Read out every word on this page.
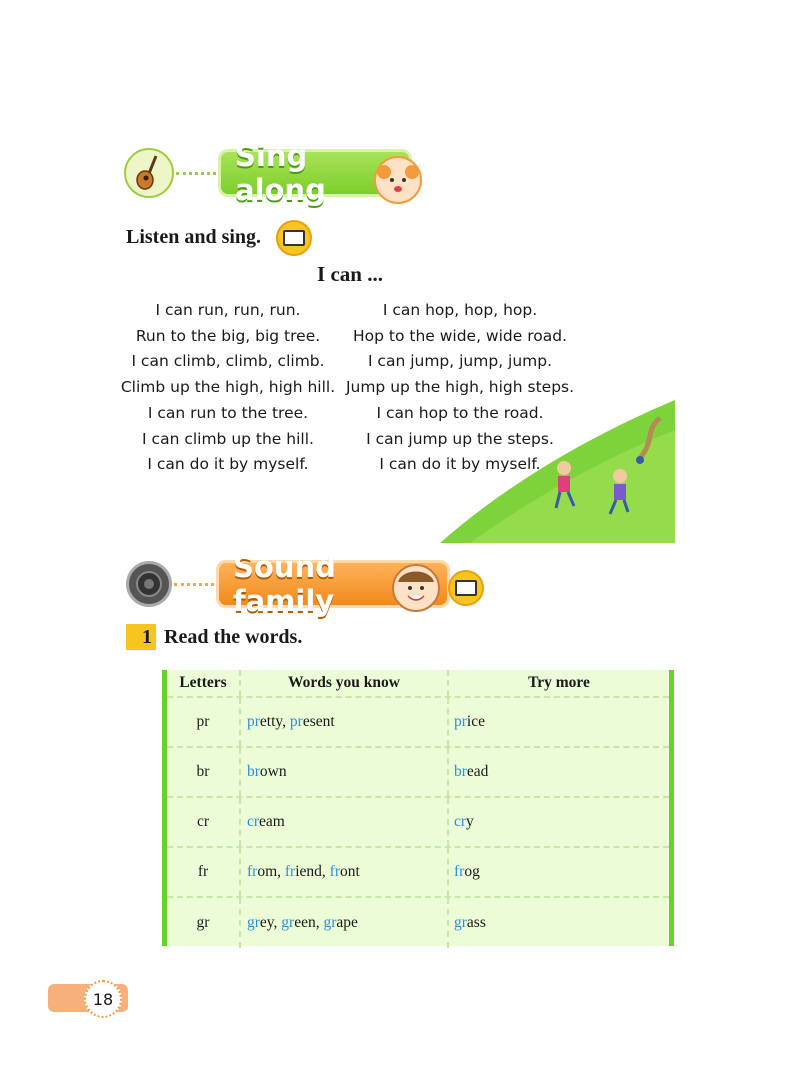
Sing along
Listen and sing.
I can ...
I can run, run, run.
Run to the big, big tree.
I can climb, climb, climb.
Climb up the high, high hill.
I can run to the tree.
I can climb up the hill.
I can do it by myself.
I can hop, hop, hop.
Hop to the wide, wide road.
I can jump, jump, jump.
Jump up the high, high steps.
I can hop to the road.
I can jump up the steps.
I can do it by myself.
Sound family
1 Read the words.
Letters	Words you know	Try more
pr	pretty, present	price
br	brown	bread
cr	cream	cry
fr	from, friend, front	frog
gr	grey, green, grape	grass
18
